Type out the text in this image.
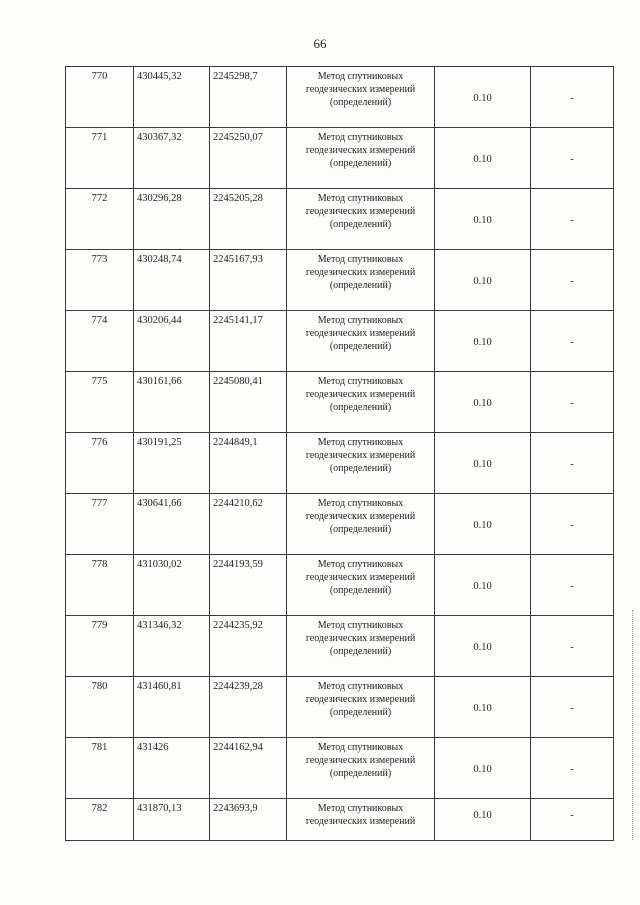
66
770	430445,32	2245298,7	Метод спутниковых
геодезических измерений
(определений)	0.10	-
771	430367,32	2245250,07	Метод спутниковых
геодезических измерений
(определений)	0.10	-
772	430296,28	2245205,28	Метод спутниковых
геодезических измерений
(определений)	0.10	-
773	430248,74	2245167,93	Метод спутниковых
геодезических измерений
(определений)	0.10	-
774	430206,44	2245141,17	Метод спутниковых
геодезических измерений
(определений)	0.10	-
775	430161,66	2245080,41	Метод спутниковых
геодезических измерений
(определений)	0.10	-
776	430191,25	2244849,1	Метод спутниковых
геодезических измерений
(определений)	0.10	-
777	430641,66	2244210,62	Метод спутниковых
геодезических измерений
(определений)	0.10	-
778	431030,02	2244193,59	Метод спутниковых
геодезических измерений
(определений)	0.10	-
779	431346,32	2244235,92	Метод спутниковых
геодезических измерений
(определений)	0.10	-
780	431460,81	2244239,28	Метод спутниковых
геодезических измерений
(определений)	0.10	-
781	431426	2244162,94	Метод спутниковых
геодезических измерений
(определений)	0.10	-
782	431870,13	2243693,9	Метод спутниковых
геодезических измерений	0.10	-
